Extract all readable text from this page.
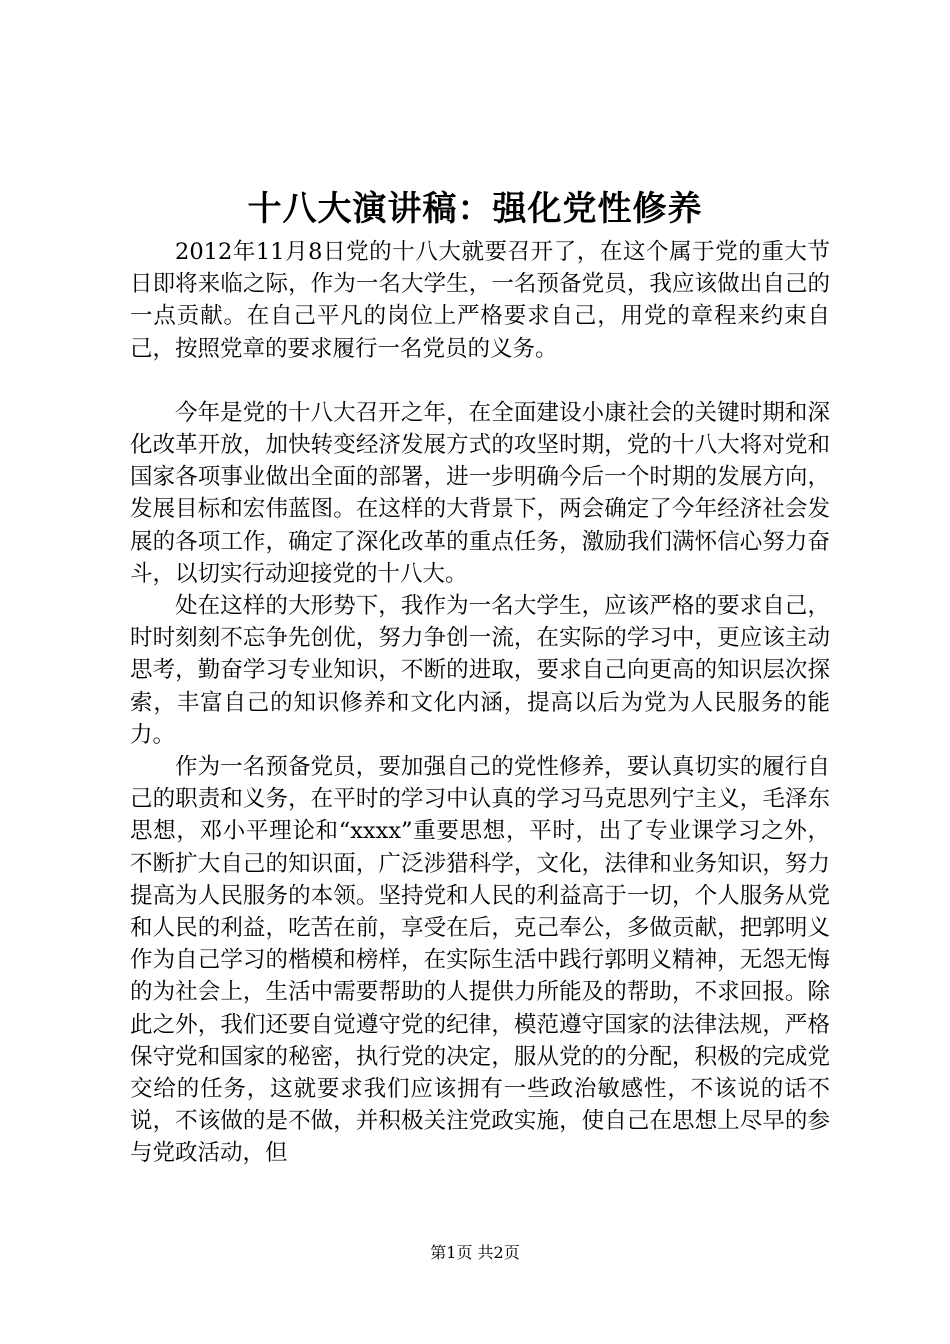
十八大演讲稿：强化党性修养

2012年11月8日党的十八大就要召开了，在这个属于党的重大节日即将来临之际，作为一名大学生，一名预备党员，我应该做出自己的一点贡献。在自己平凡的岗位上严格要求自己，用党的章程来约束自己，按照党章的要求履行一名党员的义务。

今年是党的十八大召开之年，在全面建设小康社会的关键时期和深化改革开放，加快转变经济发展方式的攻坚时期，党的十八大将对党和国家各项事业做出全面的部署，进一步明确今后一个时期的发展方向，发展目标和宏伟蓝图。在这样的大背景下，两会确定了今年经济社会发展的各项工作，确定了深化改革的重点任务，激励我们满怀信心努力奋斗，以切实行动迎接党的十八大。

处在这样的大形势下，我作为一名大学生，应该严格的要求自己，时时刻刻不忘争先创优，努力争创一流，在实际的学习中，更应该主动思考，勤奋学习专业知识，不断的进取，要求自己向更高的知识层次探索，丰富自己的知识修养和文化内涵，提高以后为党为人民服务的能力。

作为一名预备党员，要加强自己的党性修养，要认真切实的履行自己的职责和义务，在平时的学习中认真的学习马克思列宁主义，毛泽东思想，邓小平理论和“xxxx”重要思想，平时，出了专业课学习之外，不断扩大自己的知识面，广泛涉猎科学，文化，法律和业务知识，努力提高为人民服务的本领。坚持党和人民的利益高于一切，个人服务从党和人民的利益，吃苦在前，享受在后，克己奉公，多做贡献，把郭明义作为自己学习的楷模和榜样，在实际生活中践行郭明义精神，无怨无悔的为社会上，生活中需要帮助的人提供力所能及的帮助，不求回报。除此之外，我们还要自觉遵守党的纪律，模范遵守国家的法律法规，严格保守党和国家的秘密，执行党的决定，服从党的的分配，积极的完成党交给的任务，这就要求我们应该拥有一些政治敏感性，不该说的话不说，不该做的是不做，并积极关注党政实施，使自己在思想上尽早的参与党政活动，但

第1页 共2页
